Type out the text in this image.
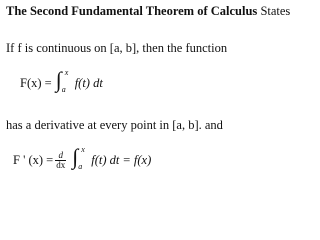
The Second Fundamental Theorem of Calculus States
If f is continuous on [a, b], then the function
F(x) = ∫ x
a f(t) dt
has a derivative at every point in [a, b]. and
F ' $(x) = \frac{d}{dx}$ ∫ x
a f(t) dt = f(x)
